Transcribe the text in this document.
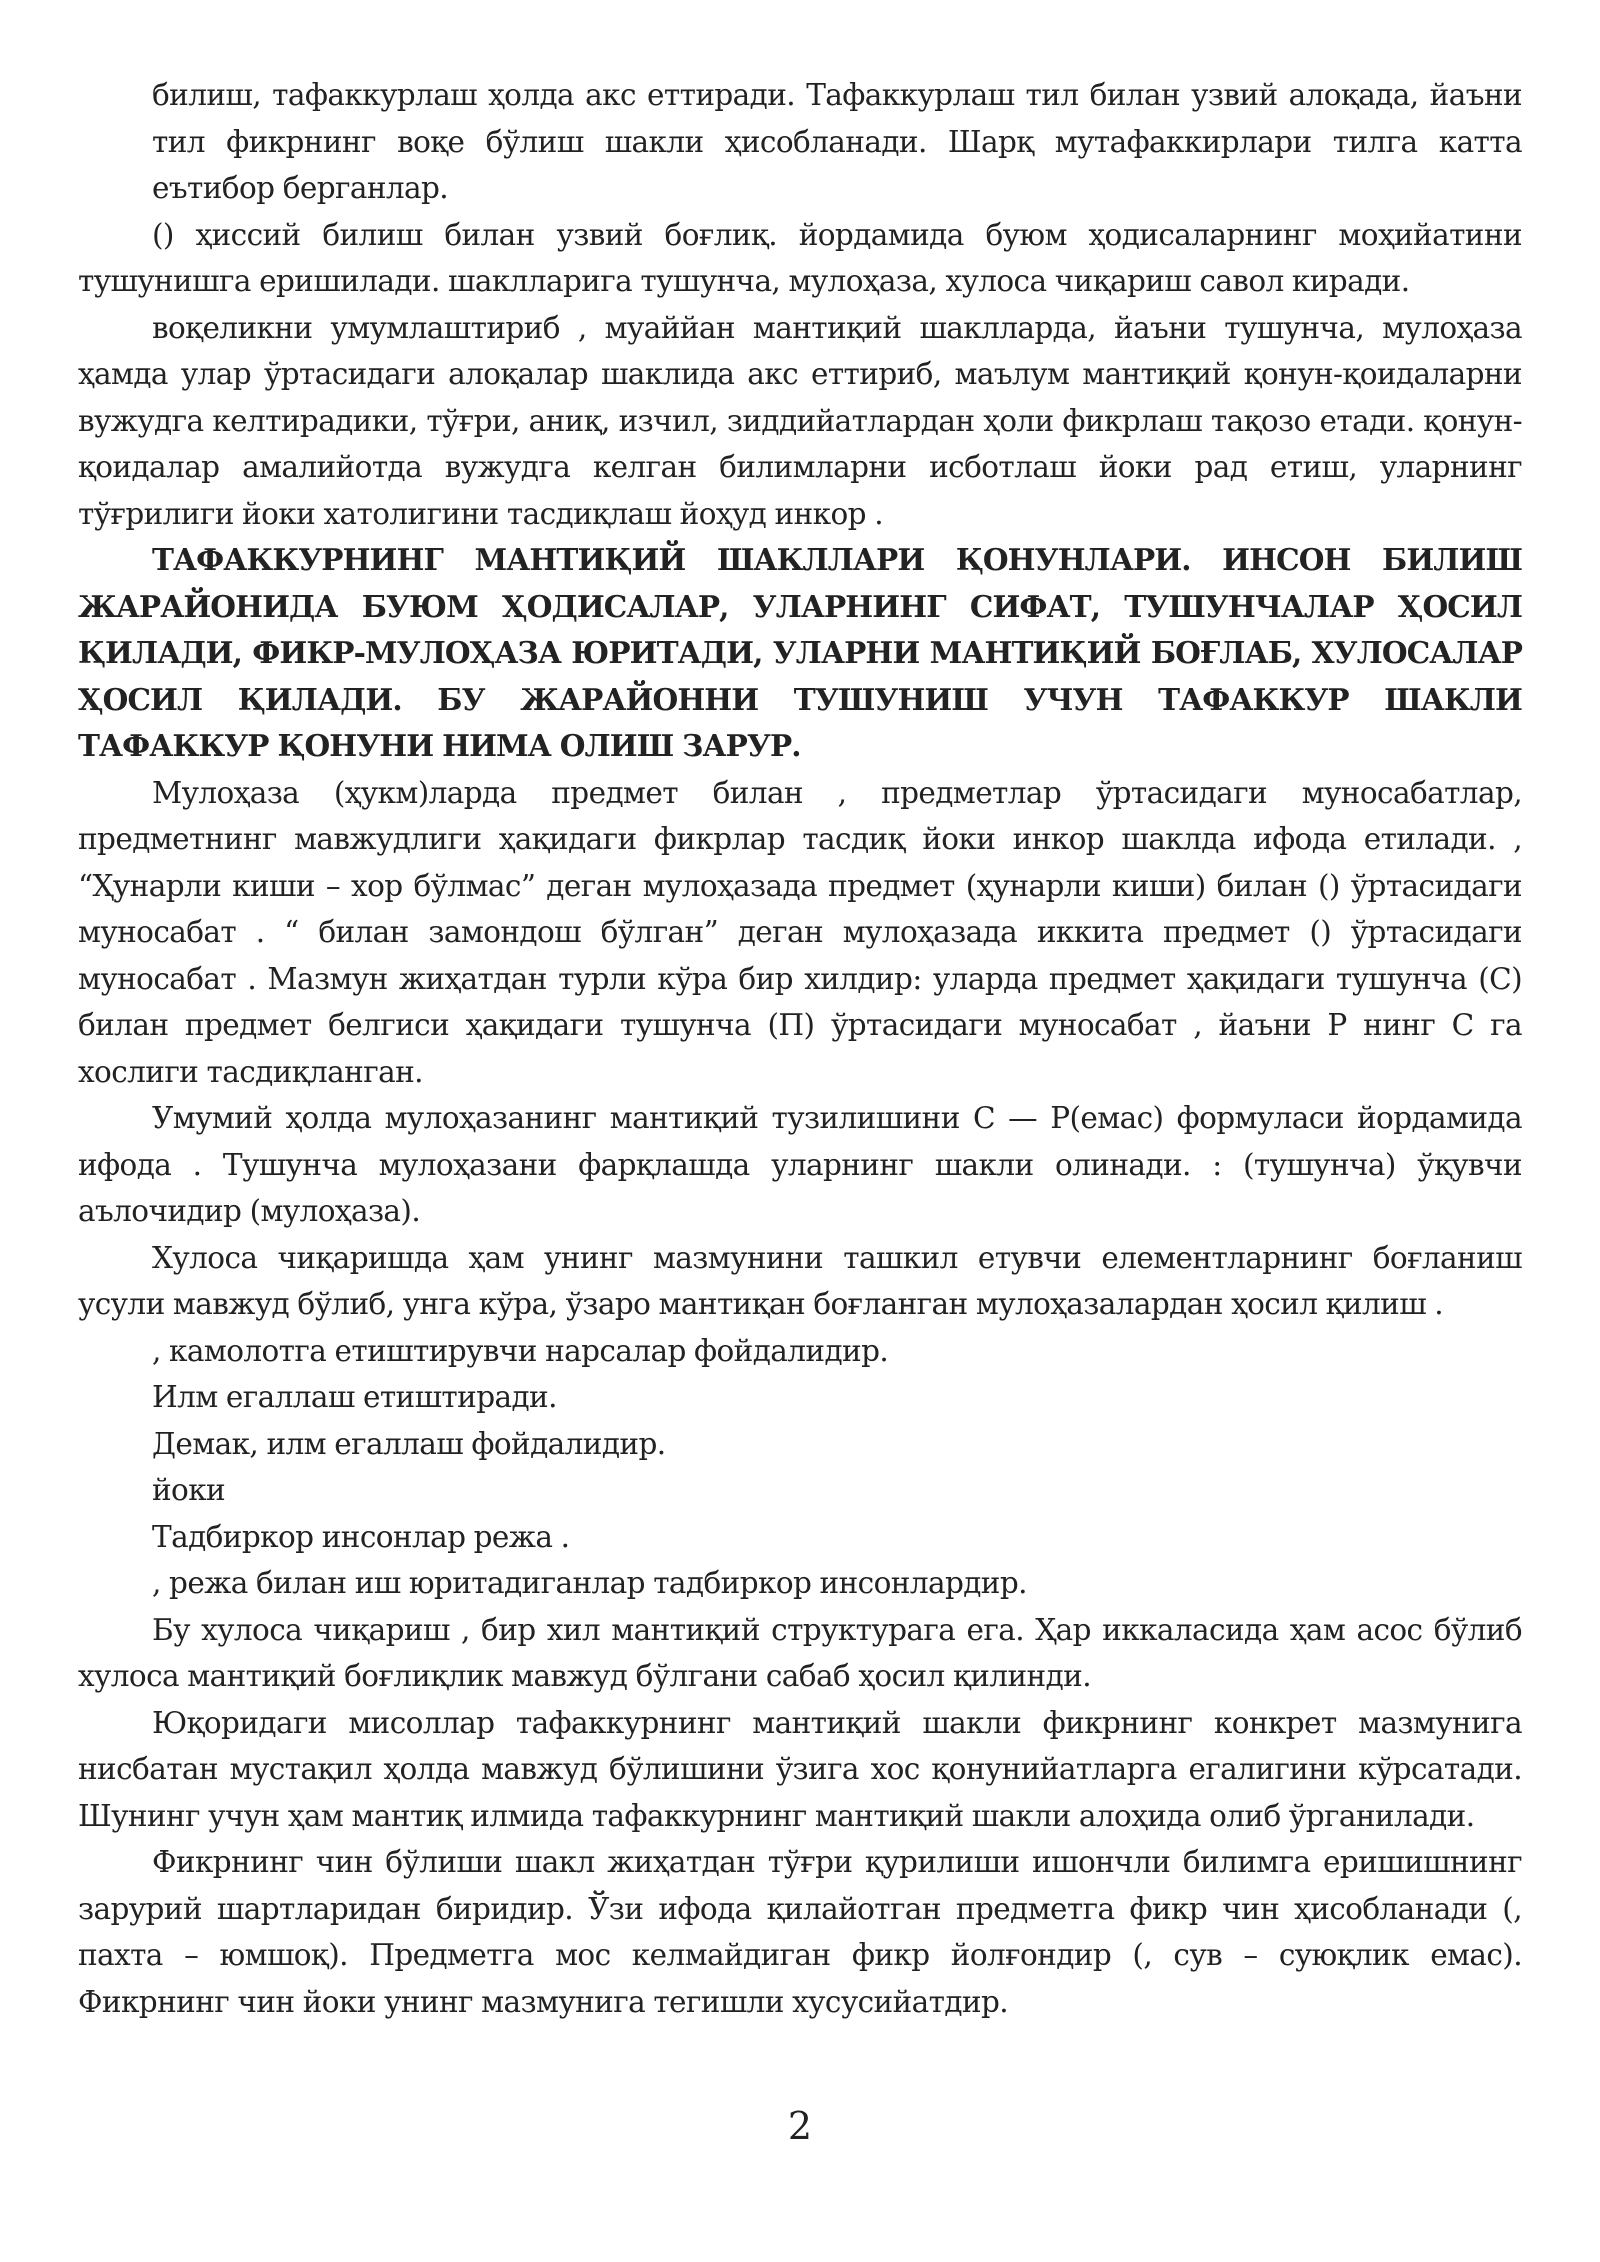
билиш, тафаккурлаш ҳолда акс еттиради. Тафаккурлаш тил билан узвий алоқада, йаъни тил фикрнинг воқе бўлиш шакли ҳисобланади. Шарқ мутафаккирлари тилга катта еътибор берганлар.

() ҳиссий билиш билан узвий боғлиқ. йордамида буюм ҳодисаларнинг моҳийатини тушунишга еришилади. шаклларига тушунча, мулоҳаза, хулоса чиқариш савол киради.

воқеликни умумлаштириб , муаййан мантиқий шаклларда, йаъни тушунча, мулоҳаза ҳамда улар ўртасидаги алоқалар шаклида акс еттириб, маълум мантиқий қонун-қоидаларни вужудга келтирадики, тўғри, аниқ, изчил, зиддийатлардан ҳоли фикрлаш тақозо етади. қонун-қоидалар амалийотда вужудга келган билимларни исботлаш йоки рад етиш, уларнинг тўғрилиги йоки хатолигини тасдиқлаш йоҳуд инкор .

ТАФАККУРНИНГ МАНТИҚИЙ ШАКЛЛАРИ ҚОНУНЛАРИ. ИНСОН БИЛИШ ЖАРАЙОНИДА БУЮМ ҲОДИСАЛАР, УЛАРНИНГ СИФАТ, ТУШУНЧАЛАР ҲОСИЛ ҚИЛАДИ, ФИКР-МУЛОҲАЗА ЮРИТАДИ, УЛАРНИ МАНТИҚИЙ БОҒЛАБ, ХУЛОСАЛАР ҲОСИЛ ҚИЛАДИ. БУ ЖАРАЙОННИ ТУШУНИШ УЧУН ТАФАККУР ШАКЛИ ТАФАККУР ҚОНУНИ НИМА ОЛИШ ЗАРУР.

Мулоҳаза (ҳукм)ларда предмет билан , предметлар ўртасидаги муносабатлар, предметнинг мавжудлиги ҳақидаги фикрлар тасдиқ йоки инкор шаклда ифода етилади. , “Ҳунарли киши – хор бўлмас” деган мулоҳазада предмет (ҳунарли киши) билан () ўртасидаги муносабат . “ билан замондош бўлган” деган мулоҳазада иккита предмет () ўртасидаги муносабат . Мазмун жиҳатдан турли кўра бир хилдир: уларда предмет ҳақидаги тушунча (С) билан предмет белгиси ҳақидаги тушунча (П) ўртасидаги муносабат , йаъни Р нинг С га хослиги тасдиқланган.

Умумий ҳолда мулоҳазанинг мантиқий тузилишини С — Р(емас) формуласи йордамида ифода . Тушунча мулоҳазани фарқлашда уларнинг шакли олинади. : (тушунча) ўқувчи аълочидир (мулоҳаза).

Хулоса чиқаришда ҳам унинг мазмунини ташкил етувчи елементларнинг боғланиш усули мавжуд бўлиб, унга кўра, ўзаро мантиқан боғланган мулоҳазалардан ҳосил қилиш .

, камолотга етиштирувчи нарсалар фойдалидир.

Илм егаллаш етиштиради.

Демак, илм егаллаш фойдалидир.

йоки

Тадбиркор инсонлар режа .

, режа билан иш юритадиганлар тадбиркор инсонлардир.

Бу хулоса чиқариш , бир хил мантиқий структурага ега. Ҳар иккаласида ҳам асос бўлиб хулоса мантиқий боғлиқлик мавжуд бўлгани сабаб ҳосил қилинди.

Юқоридаги мисоллар тафаккурнинг мантиқий шакли фикрнинг конкрет мазмунига нисбатан мустақил ҳолда мавжуд бўлишини ўзига хос қонунийатларга егалигини кўрсатади. Шунинг учун ҳам мантиқ илмида тафаккурнинг мантиқий шакли алоҳида олиб ўрганилади.

Фикрнинг чин бўлиши шакл жиҳатдан тўғри қурилиши ишончли билимга еришишнинг зарурий шартларидан биридир. Ўзи ифода қилайотган предметга фикр чин ҳисобланади (, пахта – юмшоқ). Предметга мос келмайдиган фикр йолғондир (, сув – суюқлик емас). Фикрнинг чин йоки унинг мазмунига тегишли хусусийатдир.

2
